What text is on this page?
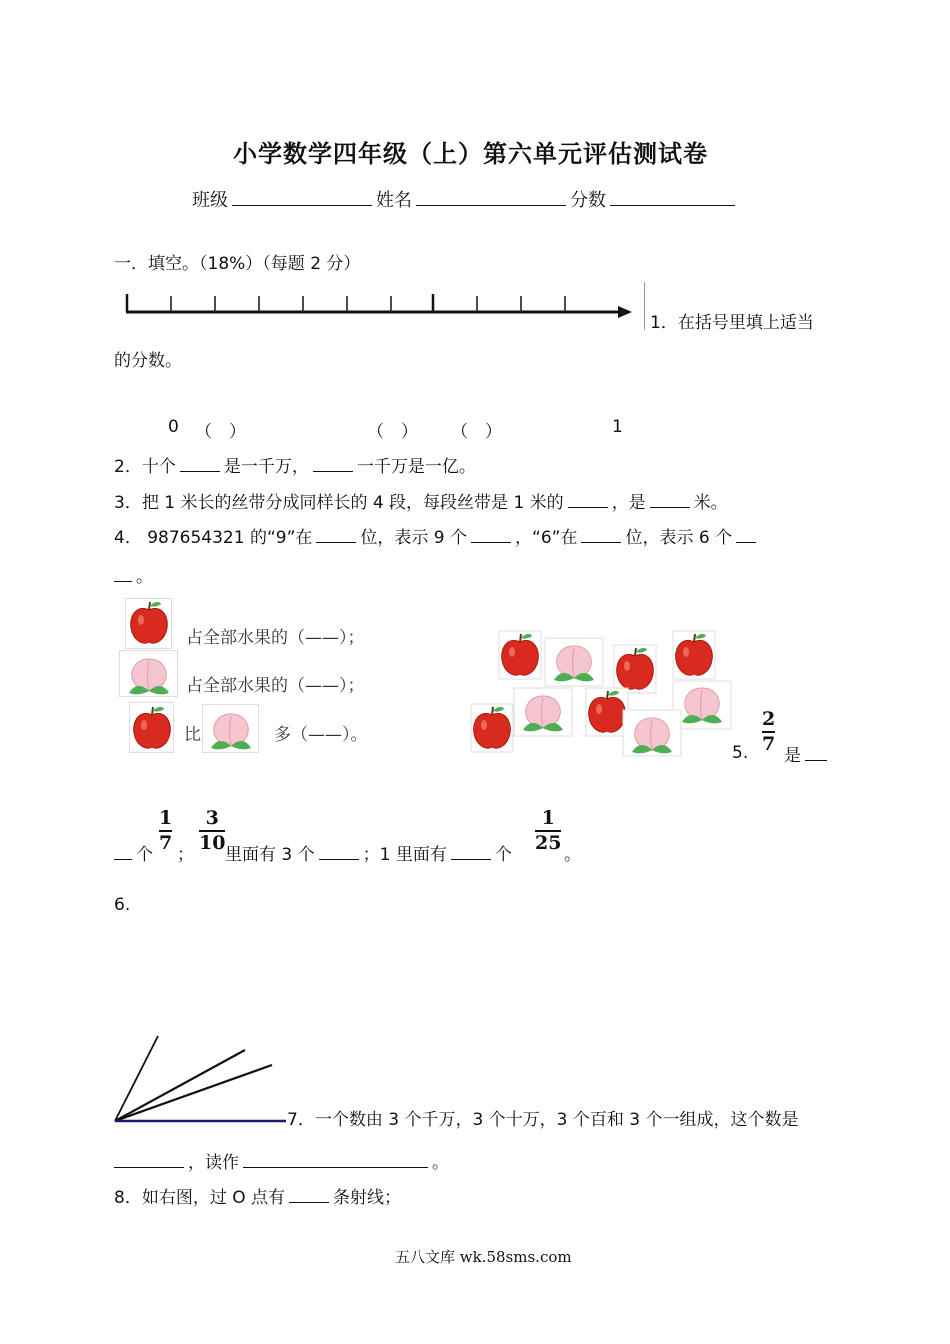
小学数学四年级（上）第六单元评估测试卷
班级	姓名	分数
一．填空。（18%）（每题 2 分）
1．在括号里填上适当
的分数。
0 （　）	（　） （　）	1
2．十个	是一千万，	一千万是一亿。
3．把 1 米长的丝带分成同样长的 4 段，每段丝带是 1 米的	，是	米。
4． 987654321 的“9”在	位，表示 9 个	，“6”在	位，表示 6 个
。
占全部水果的（——）；
占全部水果的（——）；
比	多（——）。
5.
2
7
是
个
1
7
；
3
10
里面有 3 个	；1 里面有	个
1
25
。
6.
7．一个数由 3 个千万，3 个十万，3 个百和 3 个一组成，这个数是
，读作	。
8．如右图，过 O 点有	条射线；
五八文库 wk.58sms.com
